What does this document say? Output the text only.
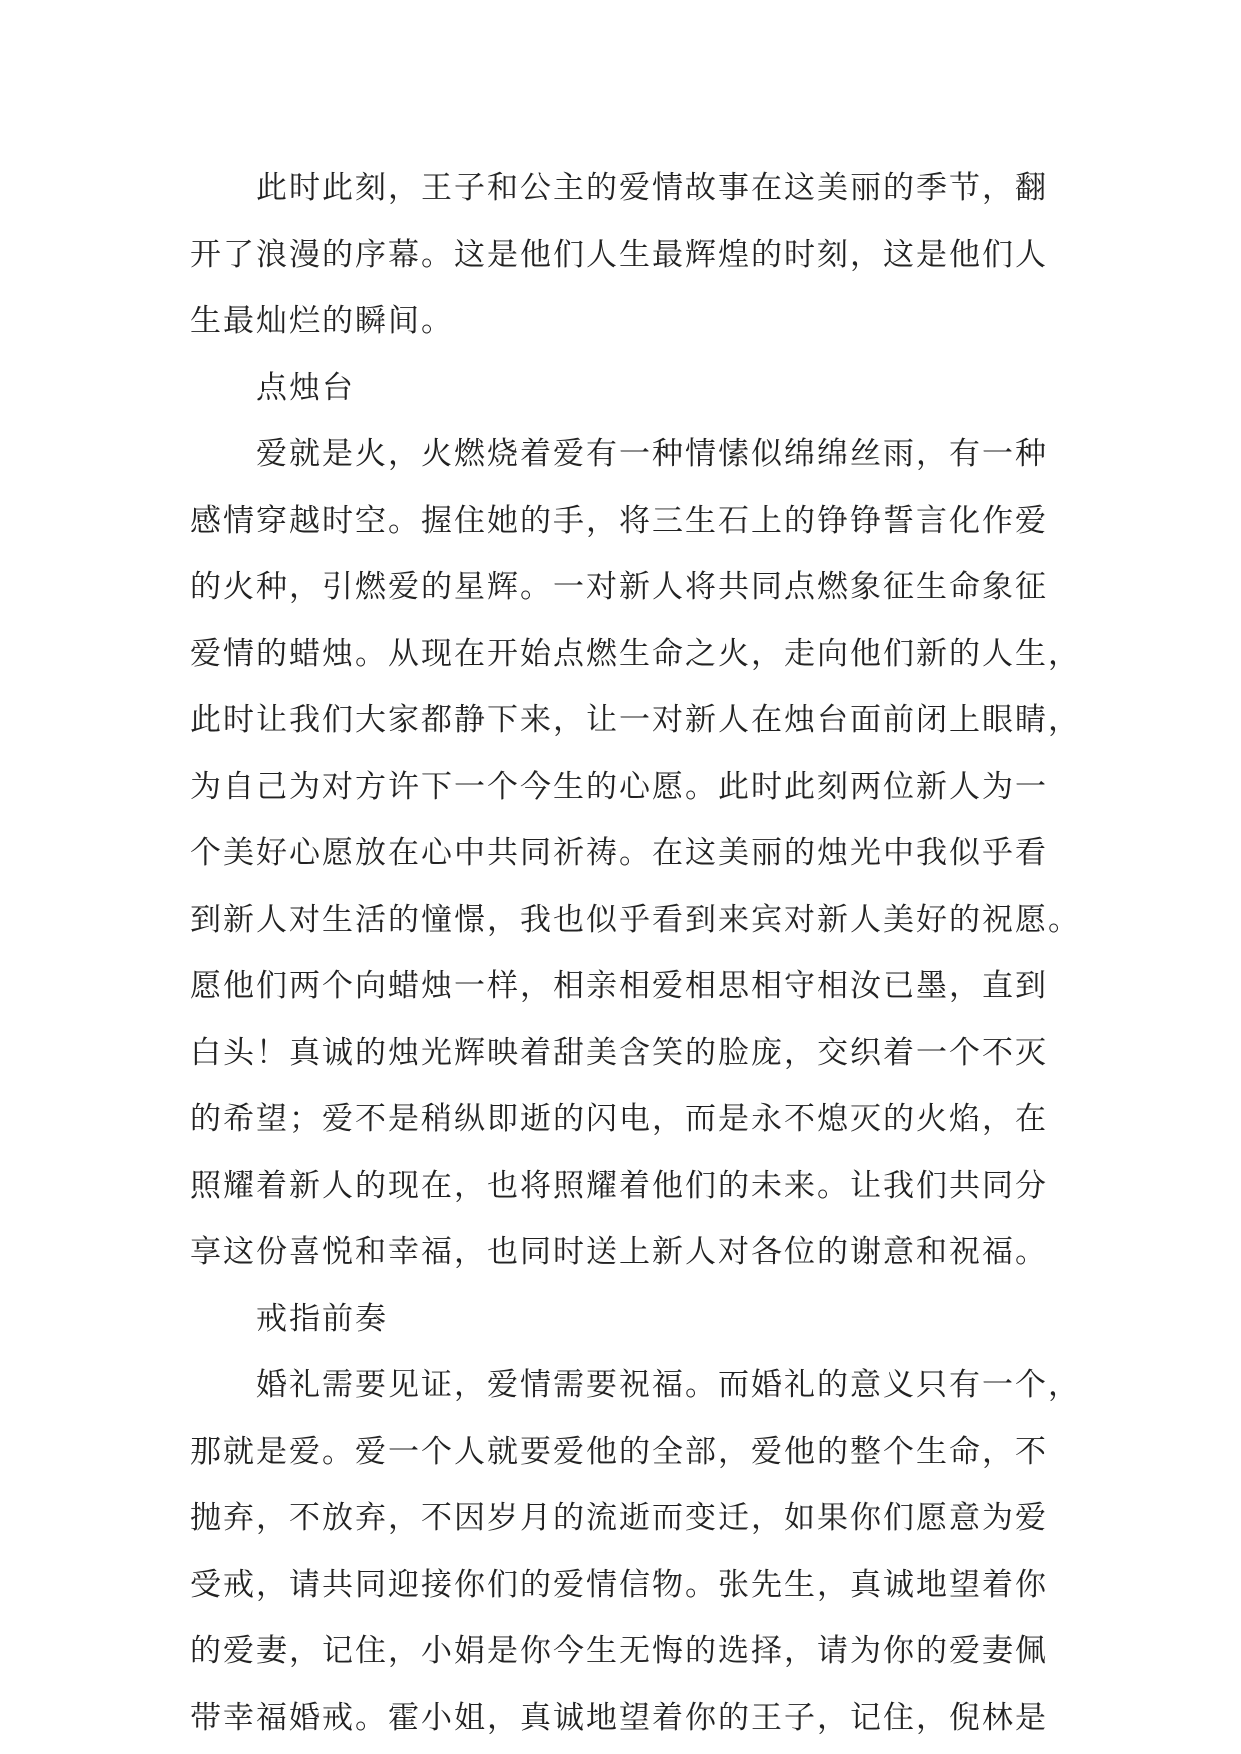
此时此刻，王子和公主的爱情故事在这美丽的季节，翻
开了浪漫的序幕。这是他们人生最辉煌的时刻，这是他们人
生最灿烂的瞬间。
点烛台
爱就是火，火燃烧着爱有一种情愫似绵绵丝雨，有一种
感情穿越时空。握住她的手，将三生石上的铮铮誓言化作爱
的火种，引燃爱的星辉。一对新人将共同点燃象征生命象征
爱情的蜡烛。从现在开始点燃生命之火，走向他们新的人生，
此时让我们大家都静下来，让一对新人在烛台面前闭上眼睛，
为自己为对方许下一个今生的心愿。此时此刻两位新人为一
个美好心愿放在心中共同祈祷。在这美丽的烛光中我似乎看
到新人对生活的憧憬，我也似乎看到来宾对新人美好的祝愿。
愿他们两个向蜡烛一样，相亲相爱相思相守相汝已墨，直到
白头！真诚的烛光辉映着甜美含笑的脸庞，交织着一个不灭
的希望；爱不是稍纵即逝的闪电，而是永不熄灭的火焰，在
照耀着新人的现在，也将照耀着他们的未来。让我们共同分
享这份喜悦和幸福，也同时送上新人对各位的谢意和祝福。
戒指前奏
婚礼需要见证，爱情需要祝福。而婚礼的意义只有一个，
那就是爱。爱一个人就要爱他的全部，爱他的整个生命，不
抛弃，不放弃，不因岁月的流逝而变迁，如果你们愿意为爱
受戒，请共同迎接你们的爱情信物。张先生，真诚地望着你
的爱妻，记住，小娟是你今生无悔的选择，请为你的爱妻佩
带幸福婚戒。霍小姐，真诚地望着你的王子，记住，倪林是
